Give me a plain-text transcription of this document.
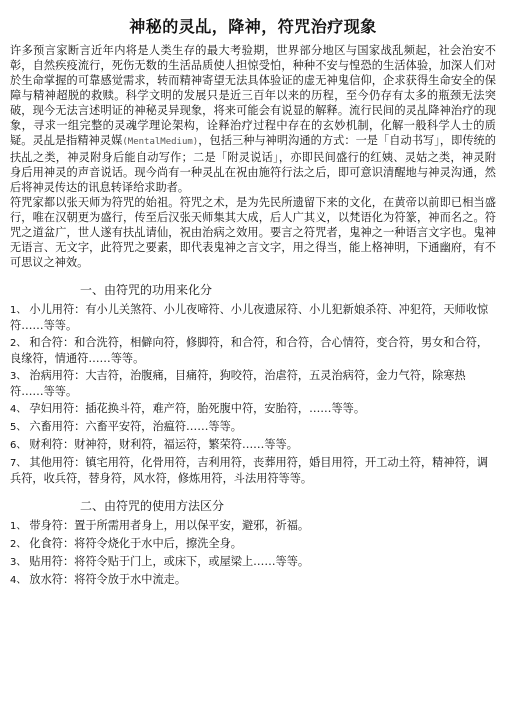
神秘的灵乩，降神，符咒治疗现象

许多预言家断言近年内将是人类生存的最大考验期，世界部分地区与国家战乱频起，社会治安不彰，自然疾疫流行，死伤无数的生活品质使人担惊受怕，种种不安与惶恐的生活体验，加深人们对於生命掌握的可靠感觉需求，转而精神寄望无法具体验证的虚无神鬼信仰，企求获得生命安全的保障与精神超脱的救赎。科学文明的发展只是近三百年以来的历程，至今仍存有太多的瓶颈无法突破，现今无法言述明证的神秘灵异现象，将来可能会有说显的解释。流行民间的灵乩降神治疗的现象，寻求一组完整的灵魂学理论架构，诠释治疗过程中存在的玄妙机制，化解一般科学人士的质疑。灵乩是指精神灵媒(MentalMedium)，包括三种与神明沟通的方式：一是「自动书写」，即传统的扶乩之类，神灵附身后能自动写作；二是「附灵说话」，亦即民间盛行的红姨、灵姑之类，神灵附身后用神灵的声音说话。现今尚有一种灵乩在祝由施符行法之后，即可意识清醒地与神灵沟通，然后将神灵传达的讯息转译给求助者。

符咒家都以张天师为符咒的始祖。符咒之术，是为先民所遗留下来的文化，在黄帝以前即已相当盛行，唯在汉朝更为盛行，传至后汉张天师集其大成，后人广其义，以梵语化为符篆，神而名之。符咒之道盆广，世人遂有扶乩请仙，祝由治病之效用。要言之符咒者，鬼神之一种语言文字也。鬼神无语言、无文字，此符咒之要素，即代表鬼神之言文字，用之得当，能上格神明，下通幽府，有不可思议之神效。

一、由符咒的功用来化分
1、 小儿用符：有小儿关煞符、小儿夜啼符、小儿夜遗尿符、小儿犯新娘杀符、冲犯符，天师收惊符……等等。
2、 和合符：和合洗符，相僻向符，修脚符，和合符，和合符，合心情符，变合符，男女和合符，良缘符，情通符……等等。
3、 治病用符：大吉符，治腹痛，目痛符，狗咬符，治虐符，五灵治病符，金力气符，除寒热符……等等。
4、 孕妇用符：插花换斗符，难产符，胎死腹中符，安胎符，……等等。
5、 六畜用符：六畜平安符，治瘟符……等等。
6、 财利符：财神符，财利符，福运符，繁荣符……等等。
7、 其他用符：镇宅用符，化骨用符，吉利用符，丧葬用符，婚目用符，开工动土符，精神符，调兵符，收兵符，替身符，风水符，修炼用符，斗法用符等等。
二、由符咒的使用方法区分
1、 带身符：置于所需用者身上，用以保平安，避邪，祈福。
2、 化食符：将符令烧化于水中后，擦洗全身。
3、 贴用符：将符令贴于门上，或床下，或屋梁上……等等。
4、 放水符：将符令放于水中流走。
